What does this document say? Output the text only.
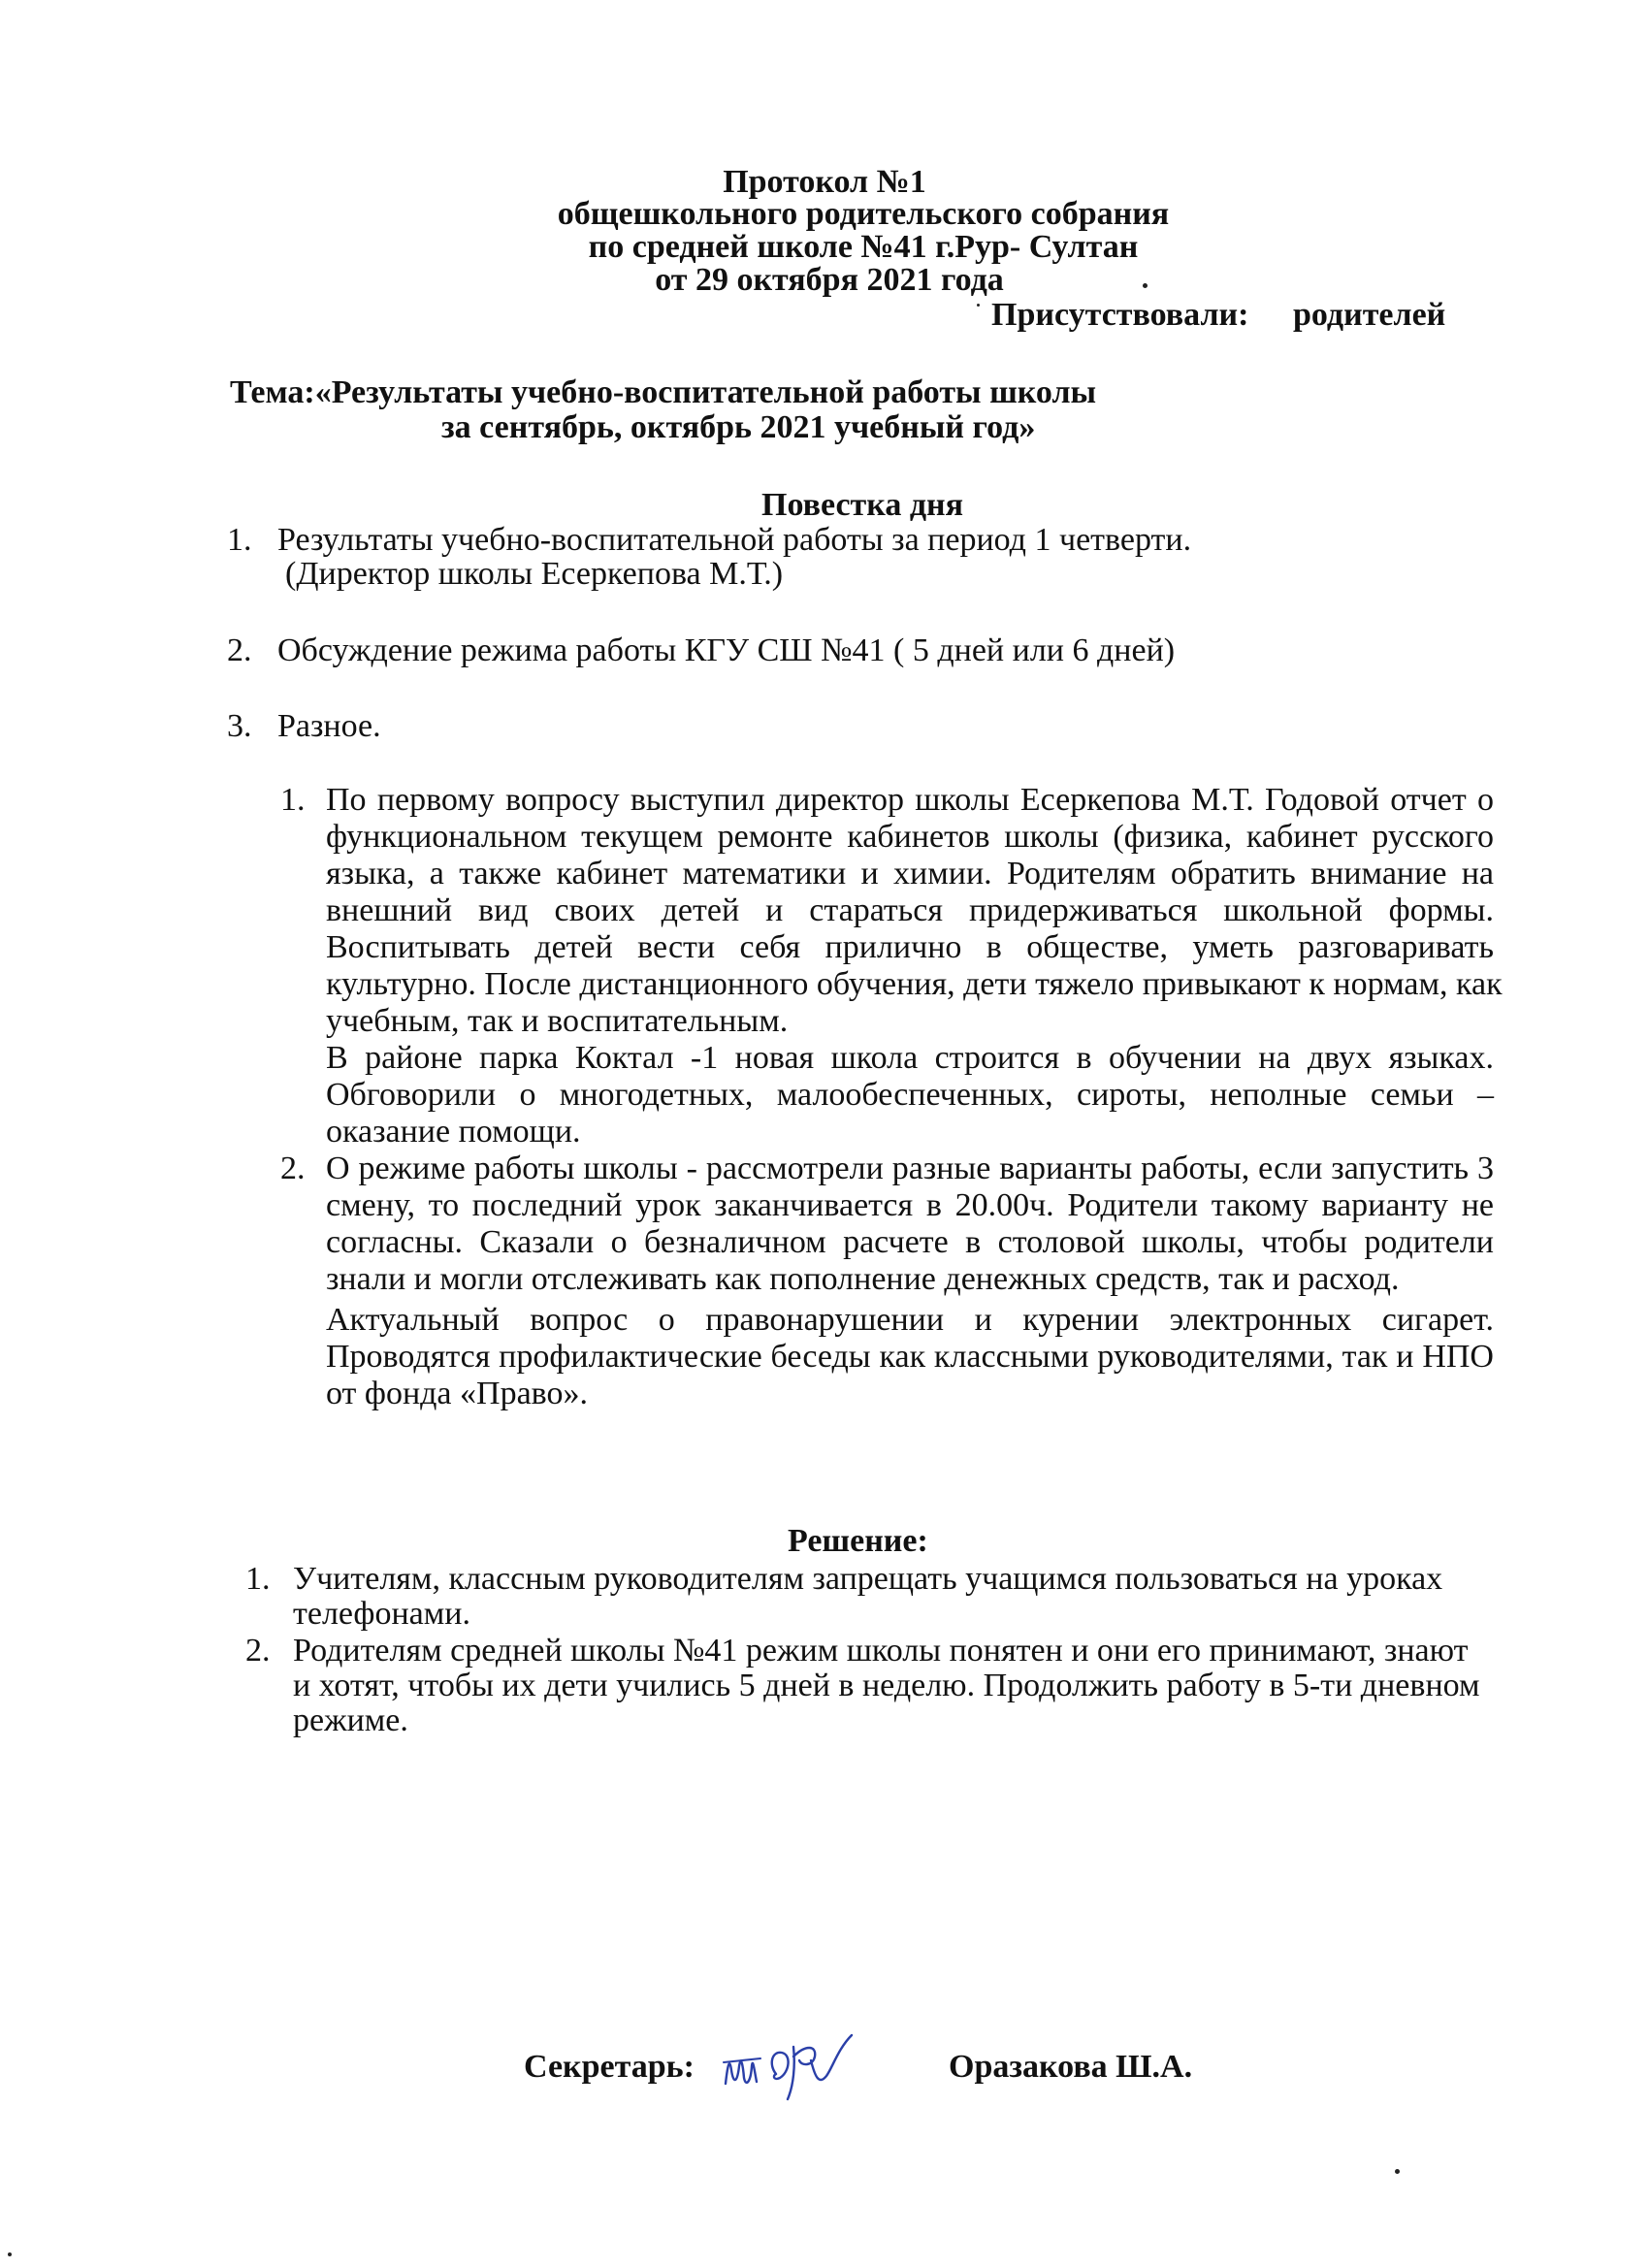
Протокол №1
общешкольного родительского собрания
по средней школе №41 г.Рур- Султан
от 29 октября 2021 года
Присутствовали: родителей
Тема:«Результаты учебно-воспитательной работы школы
за сентябрь, октябрь 2021 учебный год»
Повестка дня
1. Результаты учебно-воспитательной работы за период 1 четверти.
(Директор школы Есеркепова М.Т.)
2. Обсуждение режима работы КГУ СШ №41 ( 5 дней или 6 дней)
3. Разное.
1. По первому вопросу выступил директор школы Есеркепова М.Т. Годовой отчет о
функциональном текущем ремонте кабинетов школы (физика, кабинет русского
языка, а также кабинет математики и химии. Родителям обратить внимание на
внешний вид своих детей и стараться придерживаться школьной формы.
Воспитывать детей вести себя прилично в обществе, уметь разговаривать
культурно. После дистанционного обучения, дети тяжело привыкают к нормам, как
учебным, так и воспитательным.
В районе парка Коктал -1 новая школа строится в обучении на двух языках.
Обговорили о многодетных, малообеспеченных, сироты, неполные семьи –
оказание помощи.
2. О режиме работы школы - рассмотрели разные варианты работы, если запустить 3
смену, то последний урок заканчивается в 20.00ч. Родители такому варианту не
согласны. Сказали о безналичном расчете в столовой школы, чтобы родители
знали и могли отслеживать как пополнение денежных средств, так и расход.
Актуальный вопрос о правонарушении и курении электронных сигарет.
Проводятся профилактические беседы как классными руководителями, так и НПО
от фонда «Право».
Решение:
1. Учителям, классным руководителям запрещать учащимся пользоваться на уроках
телефонами.
2. Родителям средней школы №41 режим школы понятен и они его принимают, знают
и хотят, чтобы их дети учились 5 дней в неделю. Продолжить работу в 5-ти дневном
режиме.
Секретарь:	Оразакова Ш.А.
